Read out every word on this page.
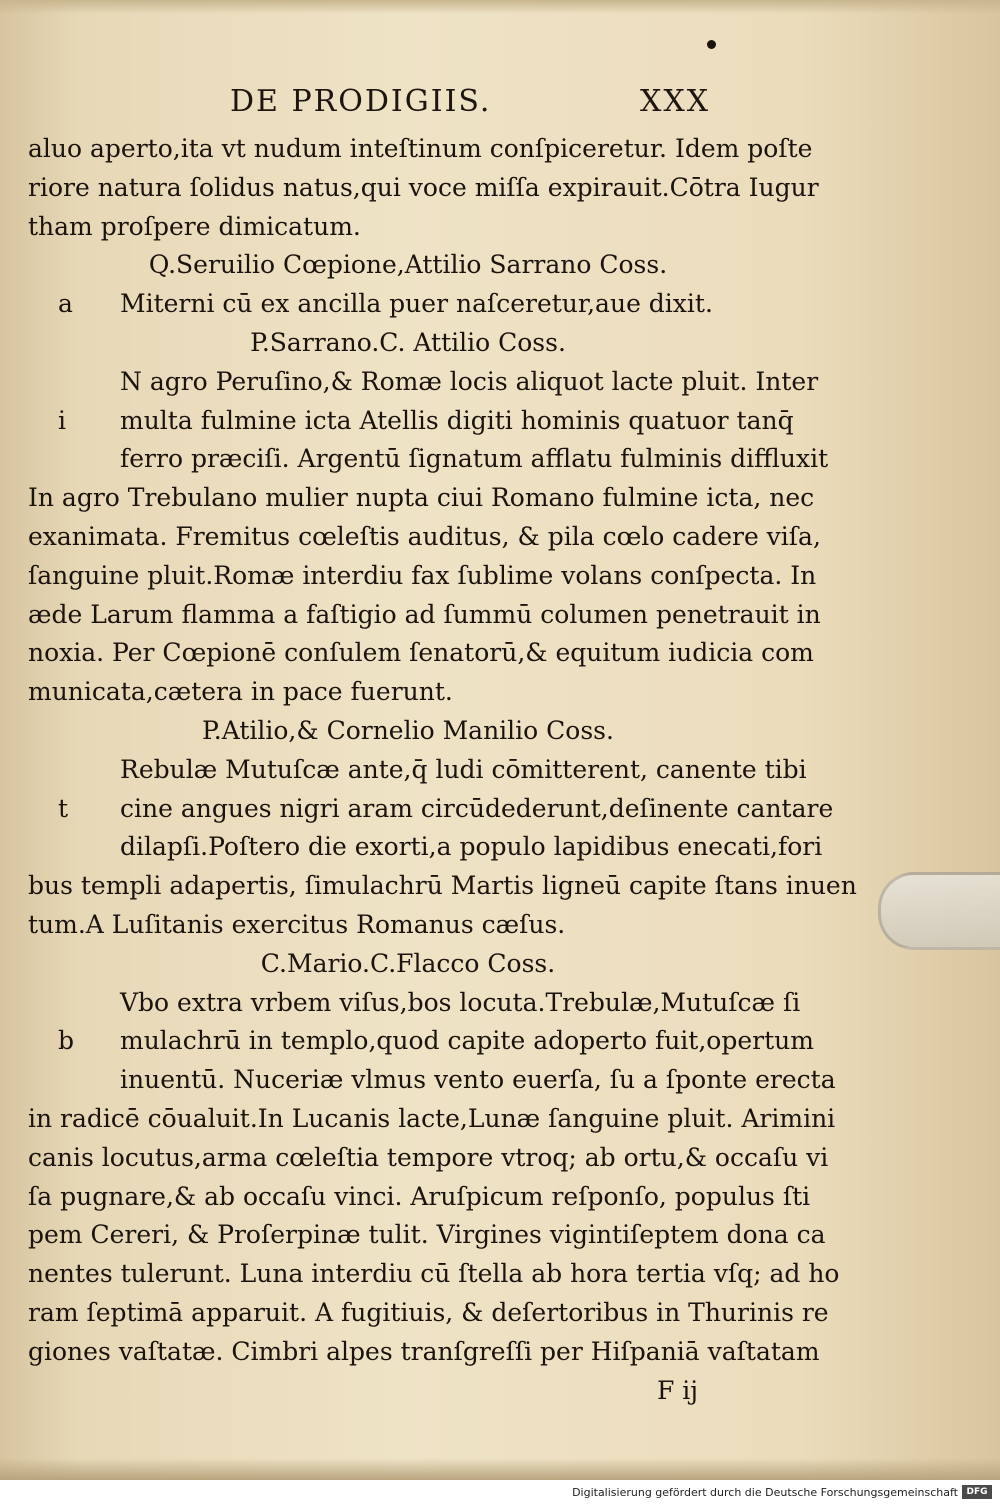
DE PRODIGIIS.	XXX
aluo aperto,ita vt nudum inteſtinum conſpiceretur. Idem poſte
riore natura ſolidus natus,qui voce miſſa expirauit.Cōtra Iugur
tham proſpere dimicatum.
Q.Seruilio Cœpione,Attilio Sarrano Coss.
a Miterni cū ex ancilla puer naſceretur,aue dixit.
P.Sarrano.C. Attilio Coss.
N agro Peruſino,& Romæ locis aliquot lacte pluit. Inter
i multa fulmine icta Atellis digiti hominis quatuor tanq̄
ferro præciſi. Argentū ſignatum afflatu fulminis diffluxit
In agro Trebulano mulier nupta ciui Romano fulmine icta, nec
exanimata. Fremitus cœleſtis auditus, & pila cœlo cadere viſa,
ſanguine pluit.Romæ interdiu fax ſublime volans conſpecta. In
æde Larum flamma a faſtigio ad ſummū columen penetrauit in
noxia. Per Cœpionē conſulem ſenatorū,& equitum iudicia com
municata,cætera in pace fuerunt.
P.Atilio,& Cornelio Manilio Coss.
Rebulæ Mutuſcæ ante,q̄ ludi cōmitterent, canente tibi
t cine angues nigri aram circūdederunt,deſinente cantare
dilapſi.Poſtero die exorti,a populo lapidibus enecati,fori
bus templi adapertis, ſimulachrū Martis ligneū capite ſtans inuen
tum.A Luſitanis exercitus Romanus cæſus.
C.Mario.C.Flacco Coss.
Vbo extra vrbem viſus,bos locuta.Trebulæ,Mutuſcæ ſi
b mulachrū in templo,quod capite adoperto fuit,opertum
inuentū. Nuceriæ vlmus vento euerſa, ſu a ſponte erecta
in radicē cōualuit.In Lucanis lacte,Lunæ ſanguine pluit. Arimini
canis locutus,arma cœleſtia tempore vtroq; ab ortu,& occaſu vi
ſa pugnare,& ab occaſu vinci. Aruſpicum reſponſo, populus ſti
pem Cereri, & Proſerpinæ tulit. Virgines vigintiſeptem dona ca
nentes tulerunt. Luna interdiu cū ſtella ab hora tertia vſq; ad ho
ram ſeptimā apparuit. A fugitiuis, & deſertoribus in Thurinis re
giones vaſtatæ. Cimbri alpes tranſgreſſi per Hiſpaniā vaſtatam
F ij
Digitalisierung gefördert durch die Deutsche Forschungsgemeinschaft DFG
